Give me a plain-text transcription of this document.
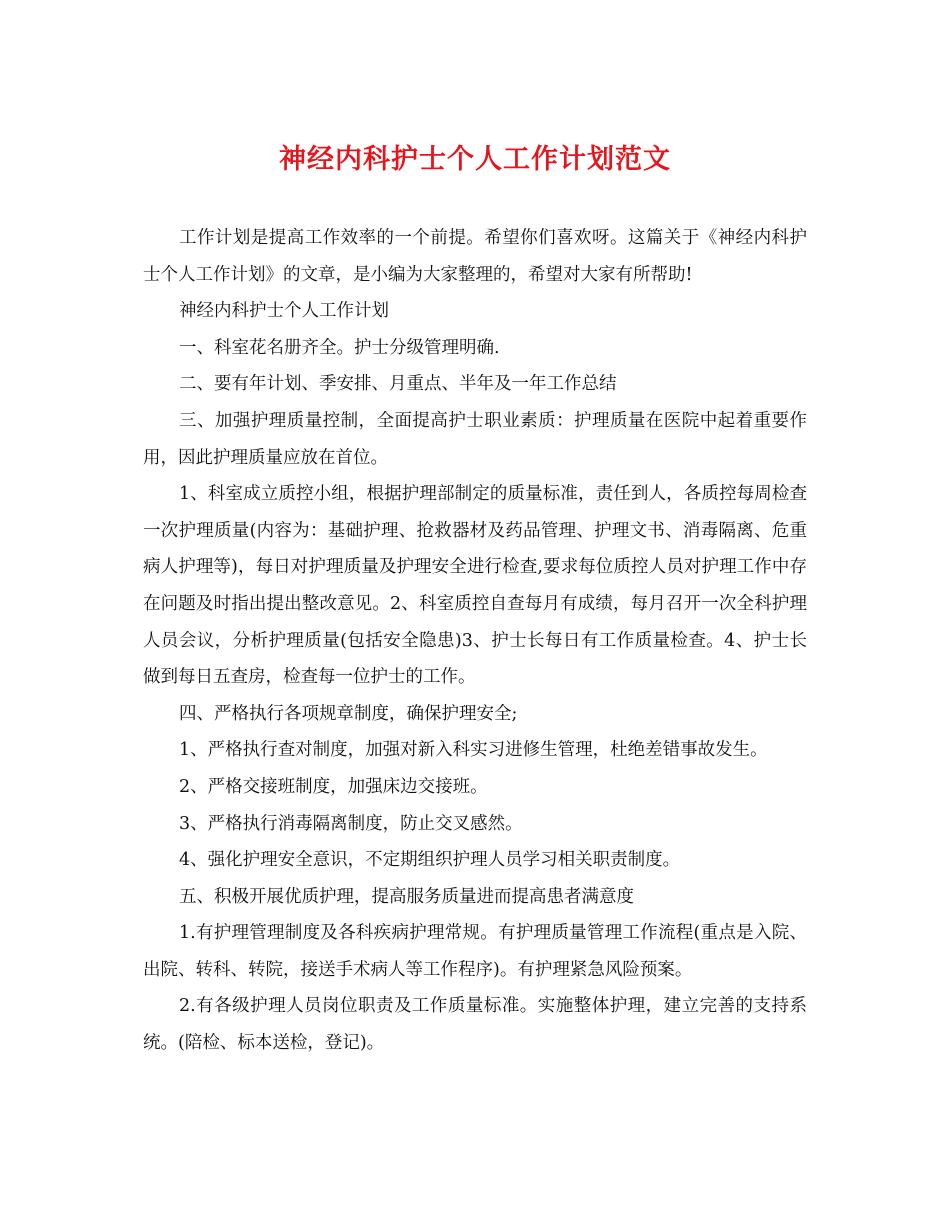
神经内科护士个人工作计划范文

工作计划是提高工作效率的一个前提。希望你们喜欢呀。这篇关于《神经内科护士个人工作计划》的文章，是小编为大家整理的，希望对大家有所帮助!

神经内科护士个人工作计划

一、科室花名册齐全。护士分级管理明确.

二、要有年计划、季安排、月重点、半年及一年工作总结

三、加强护理质量控制，全面提高护士职业素质：护理质量在医院中起着重要作用，因此护理质量应放在首位。

1、科室成立质控小组，根据护理部制定的质量标准，责任到人，各质控每周检查一次护理质量(内容为：基础护理、抢救器材及药品管理、护理文书、消毒隔离、危重病人护理等)，每日对护理质量及护理安全进行检查,要求每位质控人员对护理工作中存在问题及时指出提出整改意见。2、科室质控自查每月有成绩，每月召开一次全科护理人员会议，分析护理质量(包括安全隐患)3、护士长每日有工作质量检查。4、护士长做到每日五查房，检查每一位护士的工作。

四、严格执行各项规章制度，确保护理安全;

1、严格执行查对制度，加强对新入科实习进修生管理，杜绝差错事故发生。

2、严格交接班制度，加强床边交接班。

3、严格执行消毒隔离制度，防止交叉感然。

4、强化护理安全意识，不定期组织护理人员学习相关职责制度。

五、积极开展优质护理，提高服务质量进而提高患者满意度

1.有护理管理制度及各科疾病护理常规。有护理质量管理工作流程(重点是入院、出院、转科、转院，接送手术病人等工作程序)。有护理紧急风险预案。

2.有各级护理人员岗位职责及工作质量标准。实施整体护理，建立完善的支持系统。(陪检、标本送检，登记)。
